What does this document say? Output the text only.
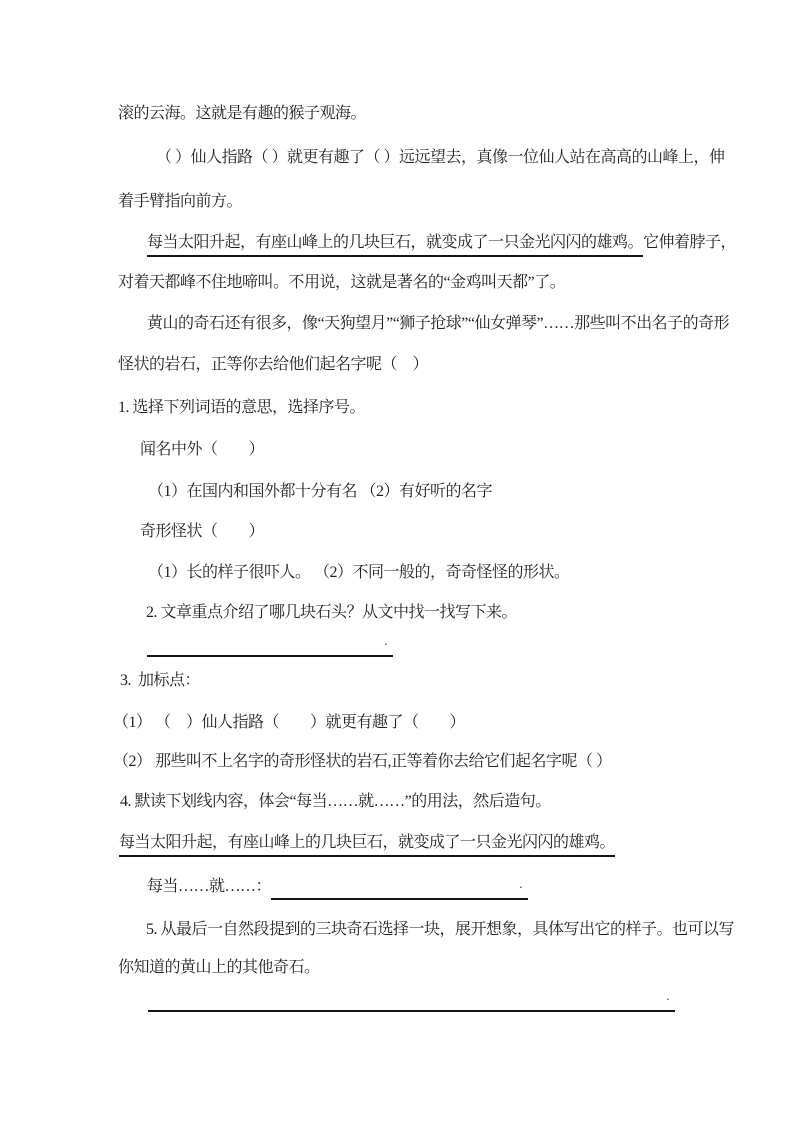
滚的云海。这就是有趣的猴子观海。
（ ）仙人指路（ ）就更有趣了（ ）远远望去，真像一位仙人站在高高的山峰上，伸
着手臂指向前方。
每当太阳升起，有座山峰上的几块巨石，就变成了一只金光闪闪的雄鸡。它伸着脖子，
对着天都峰不住地啼叫。不用说，这就是著名的“金鸡叫天都”了。
黄山的奇石还有很多，像“天狗望月”“狮子抢球”“仙女弹琴”……那些叫不出名子的奇形
怪状的岩石，正等你去给他们起名字呢（　）
1. 选择下列词语的意思，选择序号。
闻名中外（　　）
（1）在国内和国外都十分有名 （2）有好听的名字
奇形怪状（　　）
（1）长的样子很吓人。 （2）不同一般的，奇奇怪怪的形状。
2. 文章重点介绍了哪几块石头？从文中找一找写下来。
.
3.  加标点：
（1） （　）仙人指路（　　）就更有趣了（　　）
（2） 那些叫不上名字的奇形怪状的岩石,正等着你去给它们起名字呢（ ）
4. 默读下划线内容，体会“每当……就……”的用法，然后造句。
每当太阳升起，有座山峰上的几块巨石，就变成了一只金光闪闪的雄鸡。
每当……就……：	.
5. 从最后一自然段提到的三块奇石选择一块，展开想象，具体写出它的样子。也可以写
你知道的黄山上的其他奇石。
.
